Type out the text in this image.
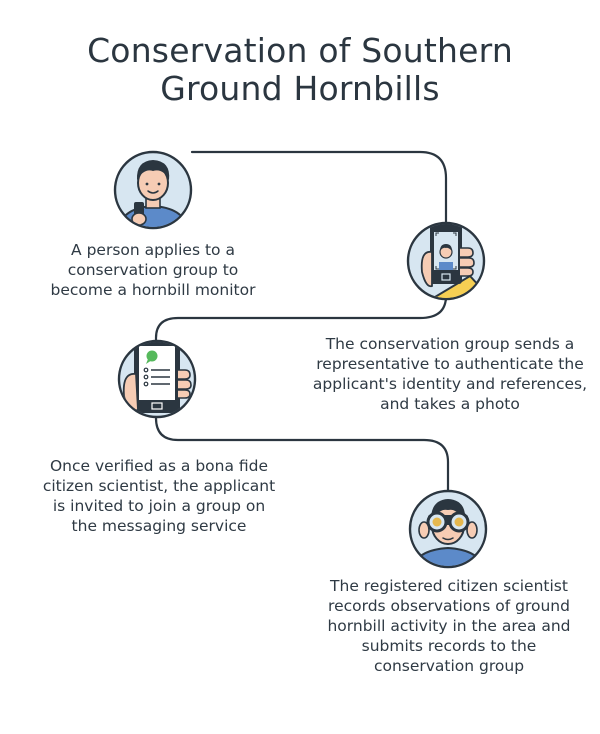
Conservation of Southern
Ground Hornbills
A person applies to a
conservation group to
become a hornbill monitor
The conservation group sends a
representative to authenticate the
applicant's identity and references,
and takes a photo
Once verified as a bona fide
citizen scientist, the applicant
is invited to join a group on
the messaging service
The registered citizen scientist
records observations of ground
hornbill activity in the area and
submits records to the
conservation group
